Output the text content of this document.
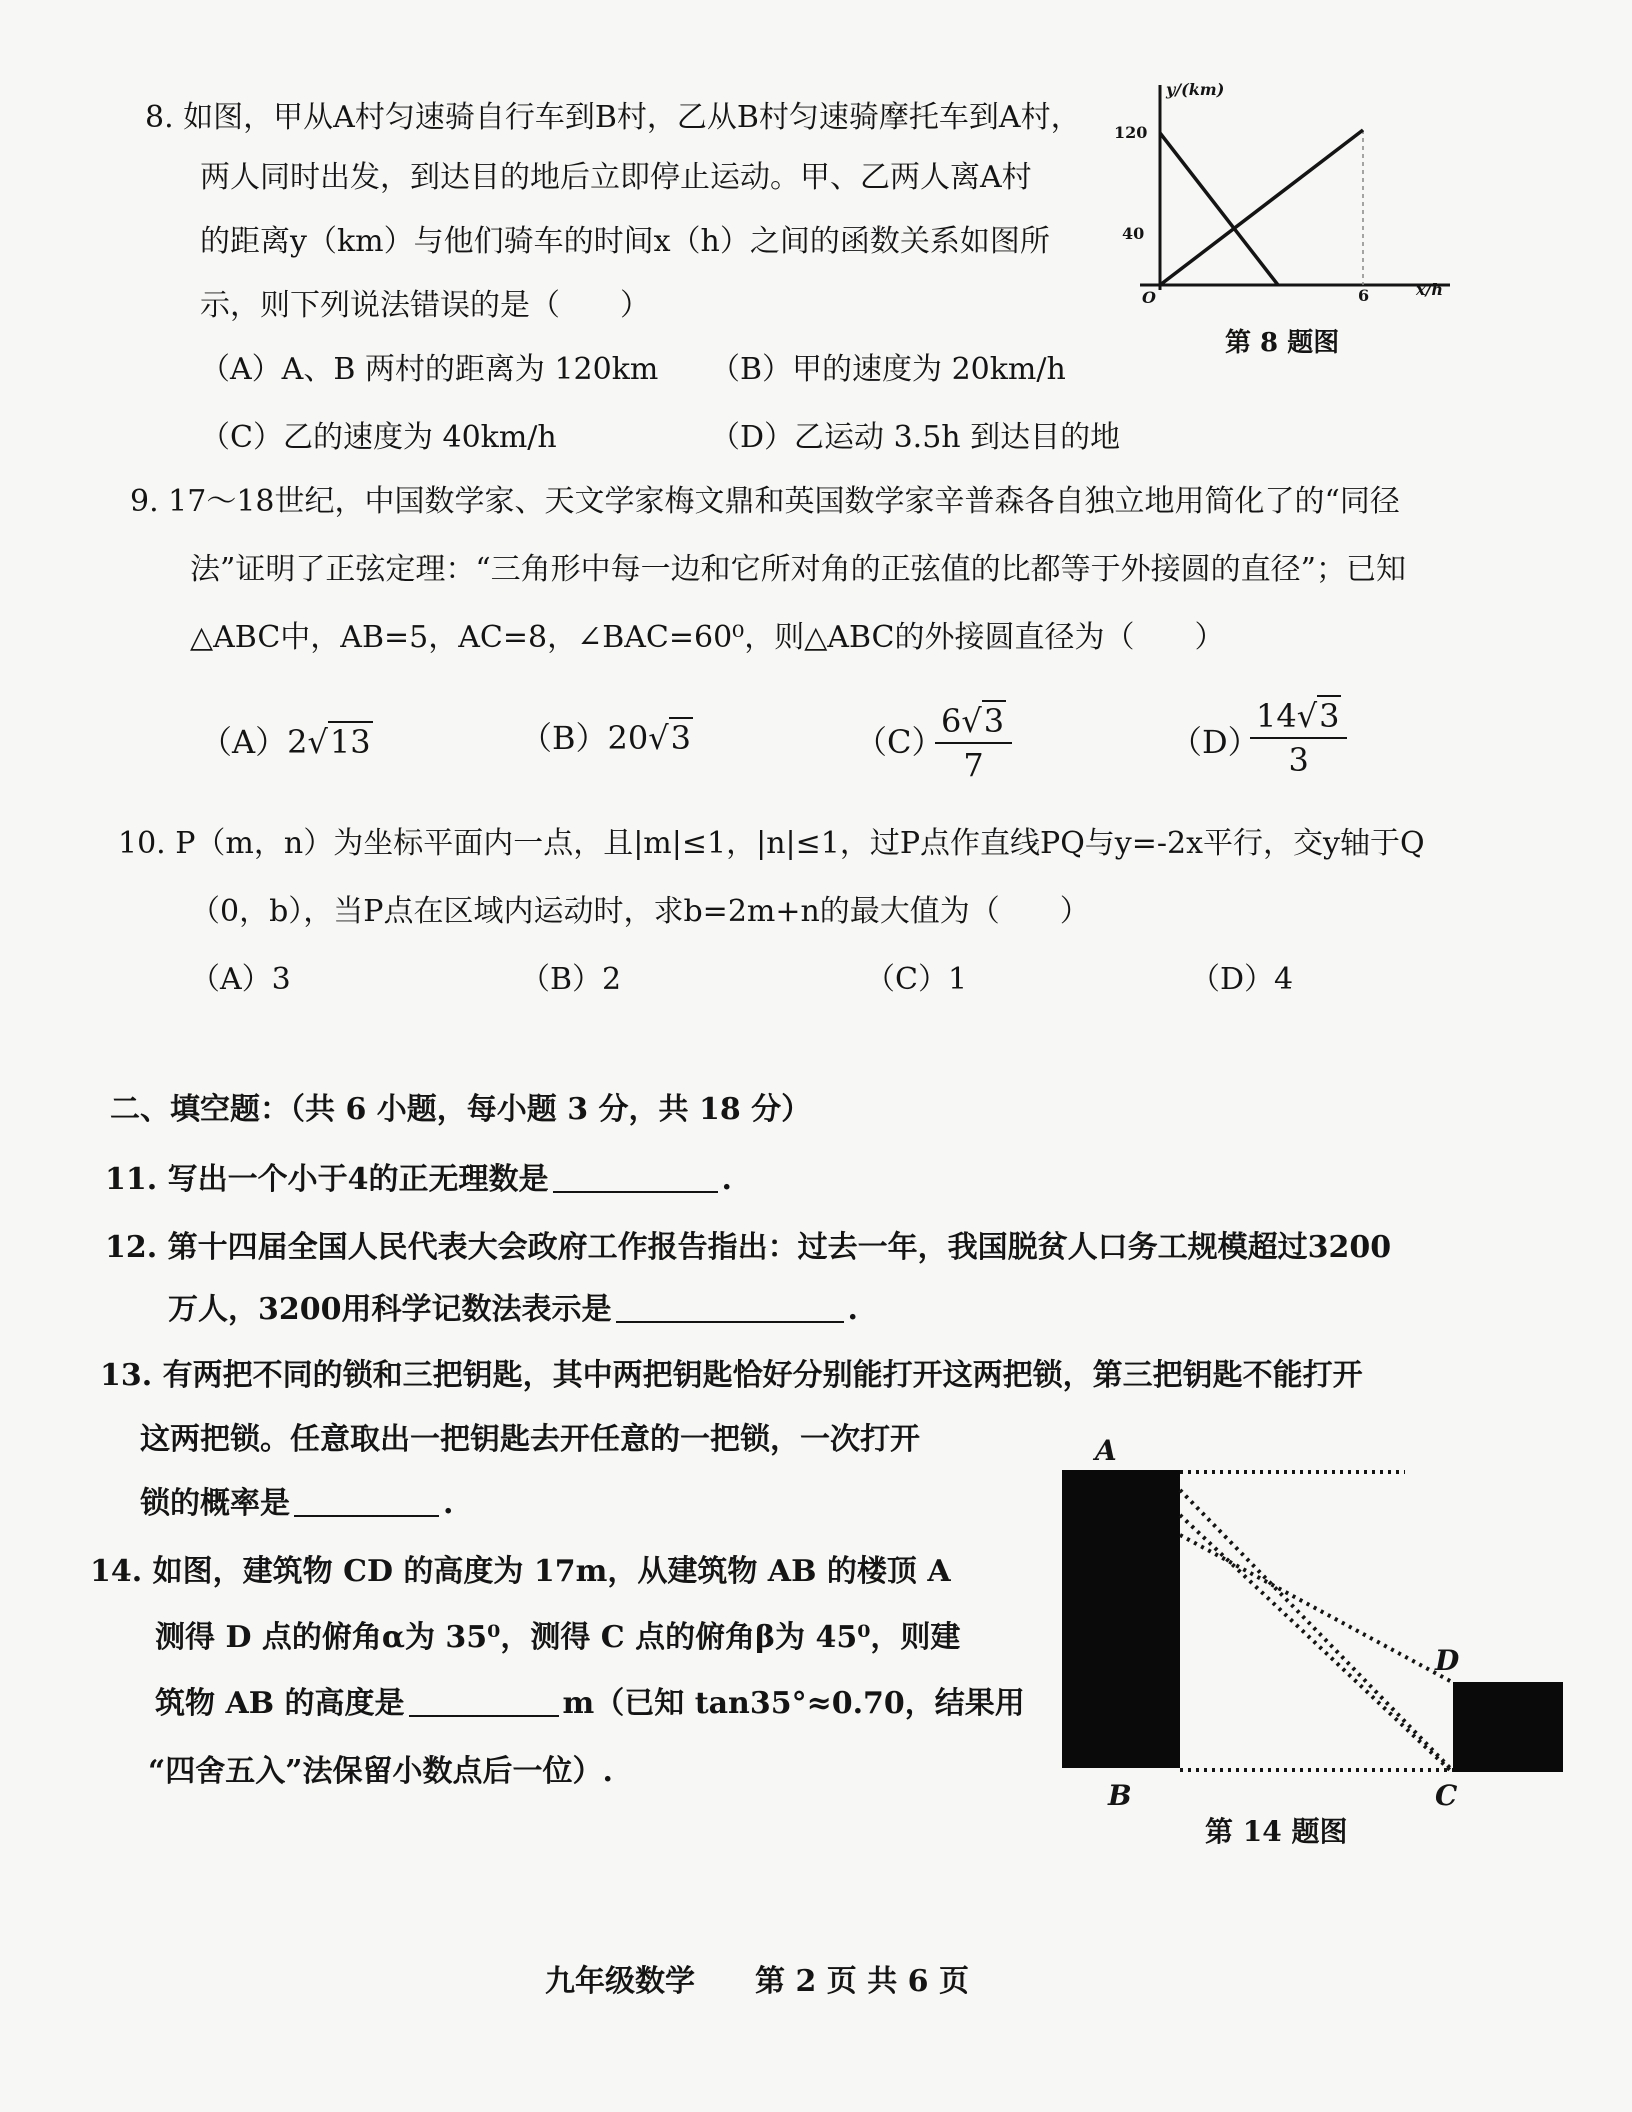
8. 如图，甲从A村匀速骑自行车到B村，乙从B村匀速骑摩托车到A村，
两人同时出发，到达目的地后立即停止运动。甲、乙两人离A村
的距离y（km）与他们骑车的时间x（h）之间的函数关系如图所
示，则下列说法错误的是（　　）
（A）A、B 两村的距离为 120km （B）甲的速度为 20km/h
（C）乙的速度为 40km/h	（D）乙运动 3.5h 到达目的地
y/(km)
x/h
120
40
6
O
第 8 题图
9. 17～18世纪，中国数学家、天文学家梅文鼎和英国数学家辛普森各自独立地用简化了的“同径
法”证明了正弦定理：“三角形中每一边和它所对角的正弦值的比都等于外接圆的直径”；已知
△ABC中，AB=5，AC=8，∠BAC=60⁰，则△ABC的外接圆直径为（　　）
（A）2√13	（B）20√3	（C）
$\frac{6√3}{7}$	（D）
$\frac{14√3}{3}$
10. P（m，n）为坐标平面内一点，且|m|≤1，|n|≤1，过P点作直线PQ与y=-2x平行，交y轴于Q
（0，b），当P点在区域内运动时，求b=2m+n的最大值为（　　）
（A）3	（B）2	（C）1	（D）4
二、填空题：（共 6 小题，每小题 3 分，共 18 分）
11. 写出一个小于4的正无理数是	.
12. 第十四届全国人民代表大会政府工作报告指出：过去一年，我国脱贫人口务工规模超过3200
万人，3200用科学记数法表示是	.
13. 有两把不同的锁和三把钥匙，其中两把钥匙恰好分别能打开这两把锁，第三把钥匙不能打开
这两把锁。任意取出一把钥匙去开任意的一把锁，一次打开
锁的概率是	.
14. 如图，建筑物 CD 的高度为 17m，从建筑物 AB 的楼顶 A
测得 D 点的俯角α为 35⁰，测得 C 点的俯角β为 45⁰，则建
筑物 AB 的高度是	m（已知 tan35°≈0.70，结果用
“四舍五入”法保留小数点后一位）.
A
B	C
D
第 14 题图
九年级数学　　第 2 页 共 6 页
